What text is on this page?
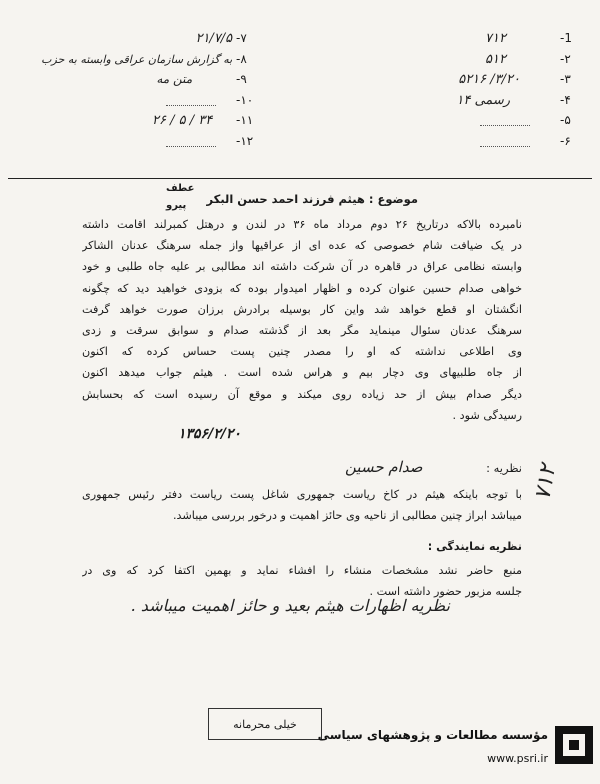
۷۱۲	-1
۵۱۲	-۲
۵۲۱۶ /۳/۲۰	-۳
۱۴ رسمی	-۴
-۵
-۶
۲۱/۷/۵ -۷
به گزارش سازمان عراقی وابسته به حزب -۸
متن مه	-۹
-۱۰
۲۶ / ۵ / ۳۴ -۱۱
-۱۲
عطف
پیرو موضوع : هیثم فرزند احمد حسن البکر
نامبرده بالاکه درتاریخ ۲۶ دوم مرداد ماه ۳۶ در لندن و درهتل کمبرلند اقامت داشته
در یک ضیافت شام خصوصی که عده ای از عراقیها واز جمله سرهنگ عدنان الشاکر
وابسته نظامی عراق در قاهره در آن شرکت داشته اند مطالبی بر علیه جاه طلبی و خود
خواهی صدام حسین عنوان کرده و اظهار امیدوار بوده که بزودی خواهید دید که چگونه
انگشتان او قطع خواهد شد واین کار بوسیله برادرش برزان صورت خواهد گرفت
سرهنگ عدنان سئوال مینماید مگر بعد از گذشته صدام و سوابق سرقت و زدی
وی اطلاعی نداشته که او را مصدر چنین پست حساس کرده که اکنون
از جاه طلبیهای وی دچار بیم و هراس شده است . هیثم جواب میدهد اکنون
دیگر صدام بیش از حد زیاده روی میکند و موقع آن رسیده است که بحسابش
رسیدگی شود .
۱۳۵۶/۲/۲۰
نظریه : صدام حسین
با توجه باینکه هیثم در کاخ ریاست جمهوری شاغل پست ریاست دفتر رئیس جمهوری
میباشد ابراز چنین مطالبی از ناحیه وی حائز اهمیت و درخور بررسی میباشد.
نظریه نمایندگی :
منبع حاضر نشد مشخصات منشاء را افشاء نماید و بهمین اکتفا کرد که وی در
جلسه مزبور حضور داشته است .
نظریه اظهارات هیثم بعید و حائز اهمیت میباشد .
۷۱۲
خیلی محرمانه
مؤسسه مطالعات و پژوهشهای سیاسی
www.psri.ir
